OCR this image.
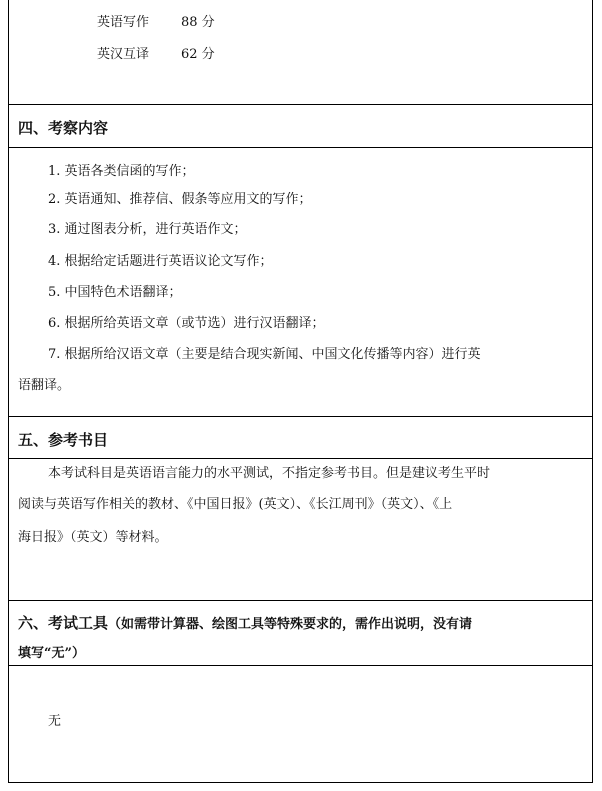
英语写作 88 分
英汉互译 62 分
四、考察内容
1. 英语各类信函的写作；
2. 英语通知、推荐信、假条等应用文的写作；
3. 通过图表分析，进行英语作文；
4. 根据给定话题进行英语议论文写作；
5. 中国特色术语翻译；
6. 根据所给英语文章（或节选）进行汉语翻译；
7. 根据所给汉语文章（主要是结合现实新闻、中国文化传播等内容）进行英
语翻译。
五、参考书目
本考试科目是英语语言能力的水平测试，不指定参考书目。但是建议考生平时
阅读与英语写作相关的教材、《中国日报》(英文）、《长江周刊》（英文）、《上
海日报》（英文）等材料。
六、考试工具（如需带计算器、绘图工具等特殊要求的，需作出说明，没有请
填写“无”）
无
